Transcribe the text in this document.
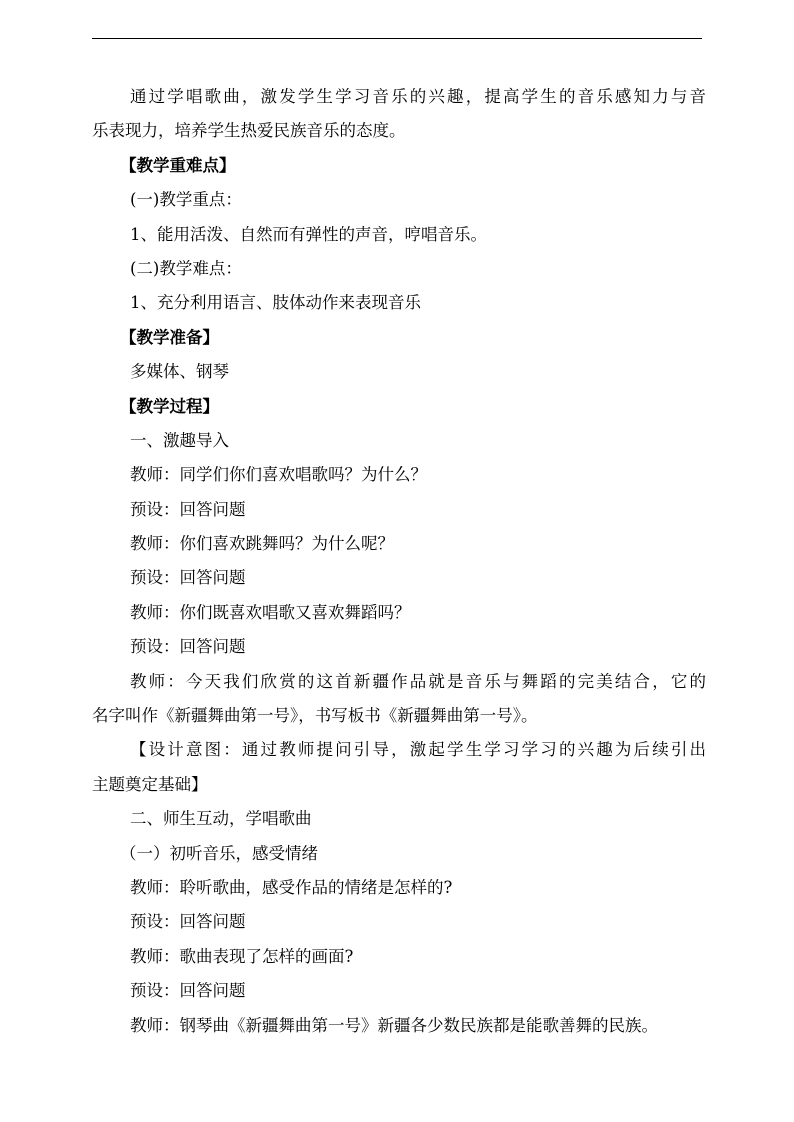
通过学唱歌曲，激发学生学习音乐的兴趣，提高学生的音乐感知力与音
乐表现力，培养学生热爱民族音乐的态度。
【教学重难点】
(一)教学重点：
1、能用活泼、自然而有弹性的声音，哼唱音乐。
(二)教学难点：
1、充分利用语言、肢体动作来表现音乐
【教学准备】
多媒体、钢琴
【教学过程】
一、激趣导入
教师：同学们你们喜欢唱歌吗？为什么？
预设：回答问题
教师：你们喜欢跳舞吗？为什么呢？
预设：回答问题
教师：你们既喜欢唱歌又喜欢舞蹈吗？
预设：回答问题
教师：今天我们欣赏的这首新疆作品就是音乐与舞蹈的完美结合，它的
名字叫作《新疆舞曲第一号》，书写板书《新疆舞曲第一号》。
【设计意图：通过教师提问引导，激起学生学习学习的兴趣为后续引出
主题奠定基础】
二、师生互动，学唱歌曲
（一）初听音乐，感受情绪
教师：聆听歌曲，感受作品的情绪是怎样的?
预设：回答问题
教师：歌曲表现了怎样的画面?
预设：回答问题
教师：钢琴曲《新疆舞曲第一号》新疆各少数民族都是能歌善舞的民族。
